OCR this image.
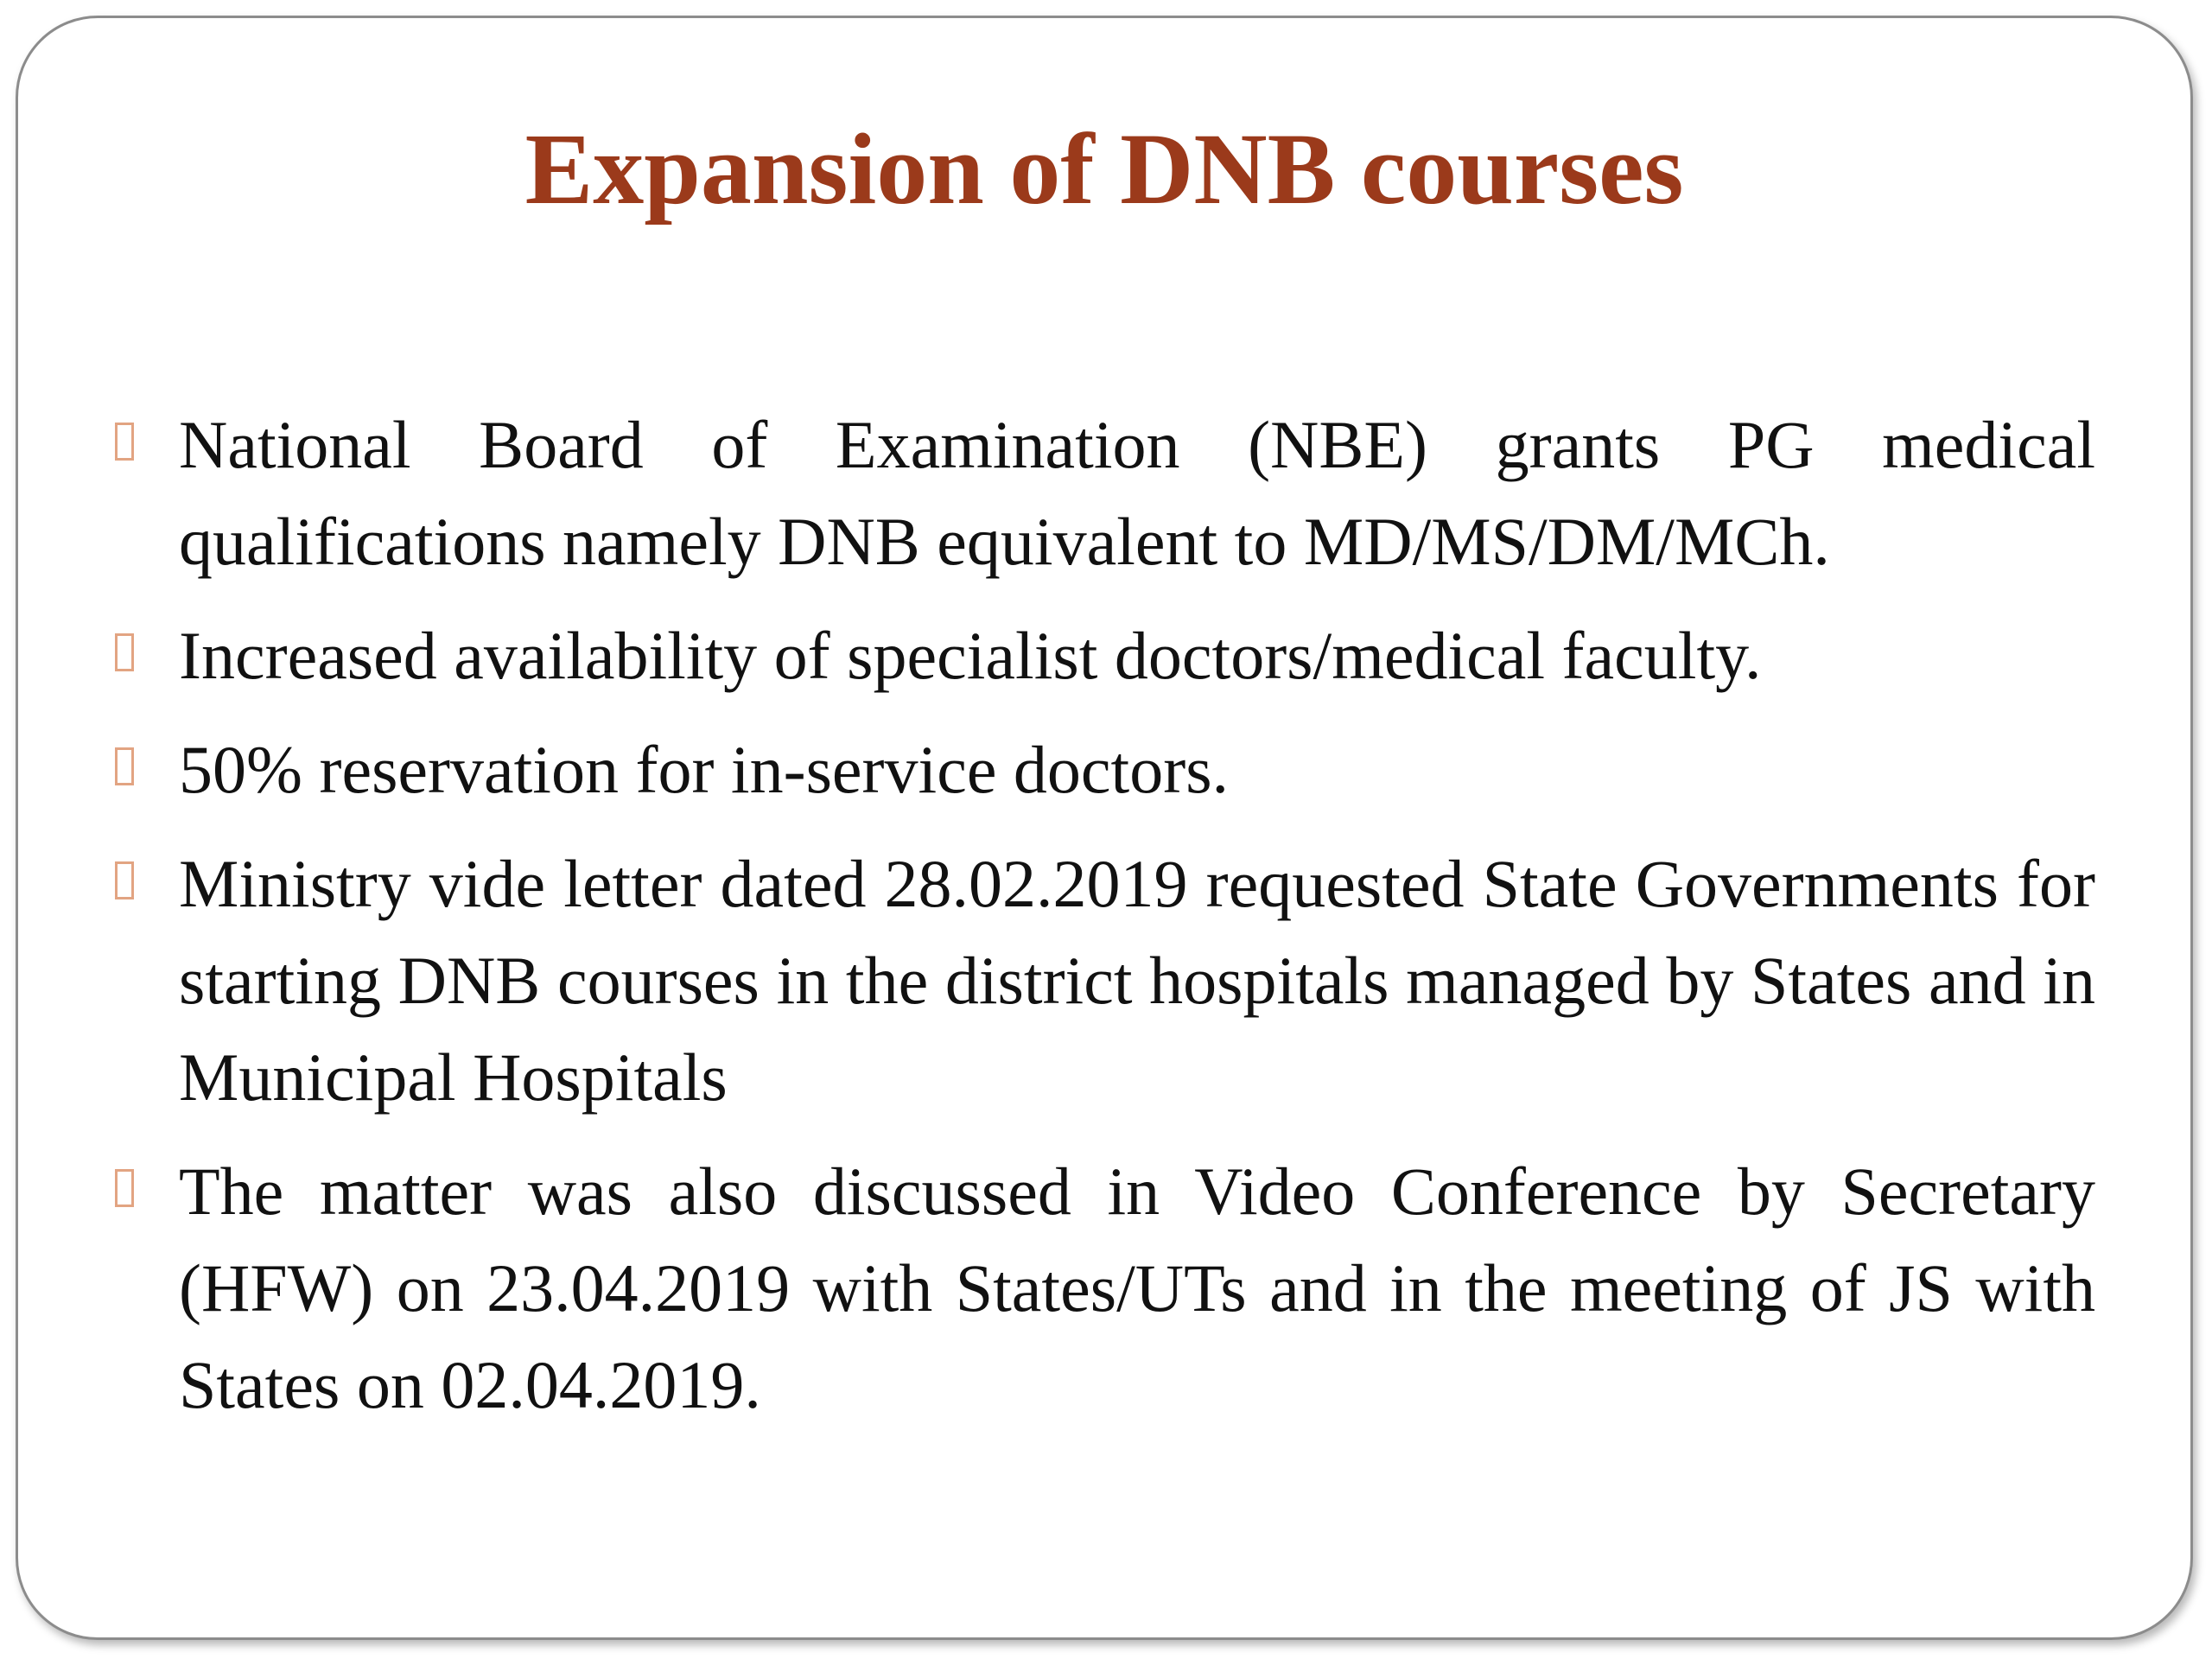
Expansion of DNB courses
National Board of Examination (NBE) grants PG medical qualifications namely DNB equivalent to MD/MS/DM/MCh.
Increased availability of specialist doctors/medical faculty.
50% reservation for in-service doctors.
Ministry vide letter dated 28.02.2019 requested State Governments for starting DNB courses in the district hospitals managed by States and in Municipal Hospitals
The matter was also discussed in Video Conference by Secretary (HFW) on 23.04.2019 with States/UTs and in the meeting of JS with States on 02.04.2019.
